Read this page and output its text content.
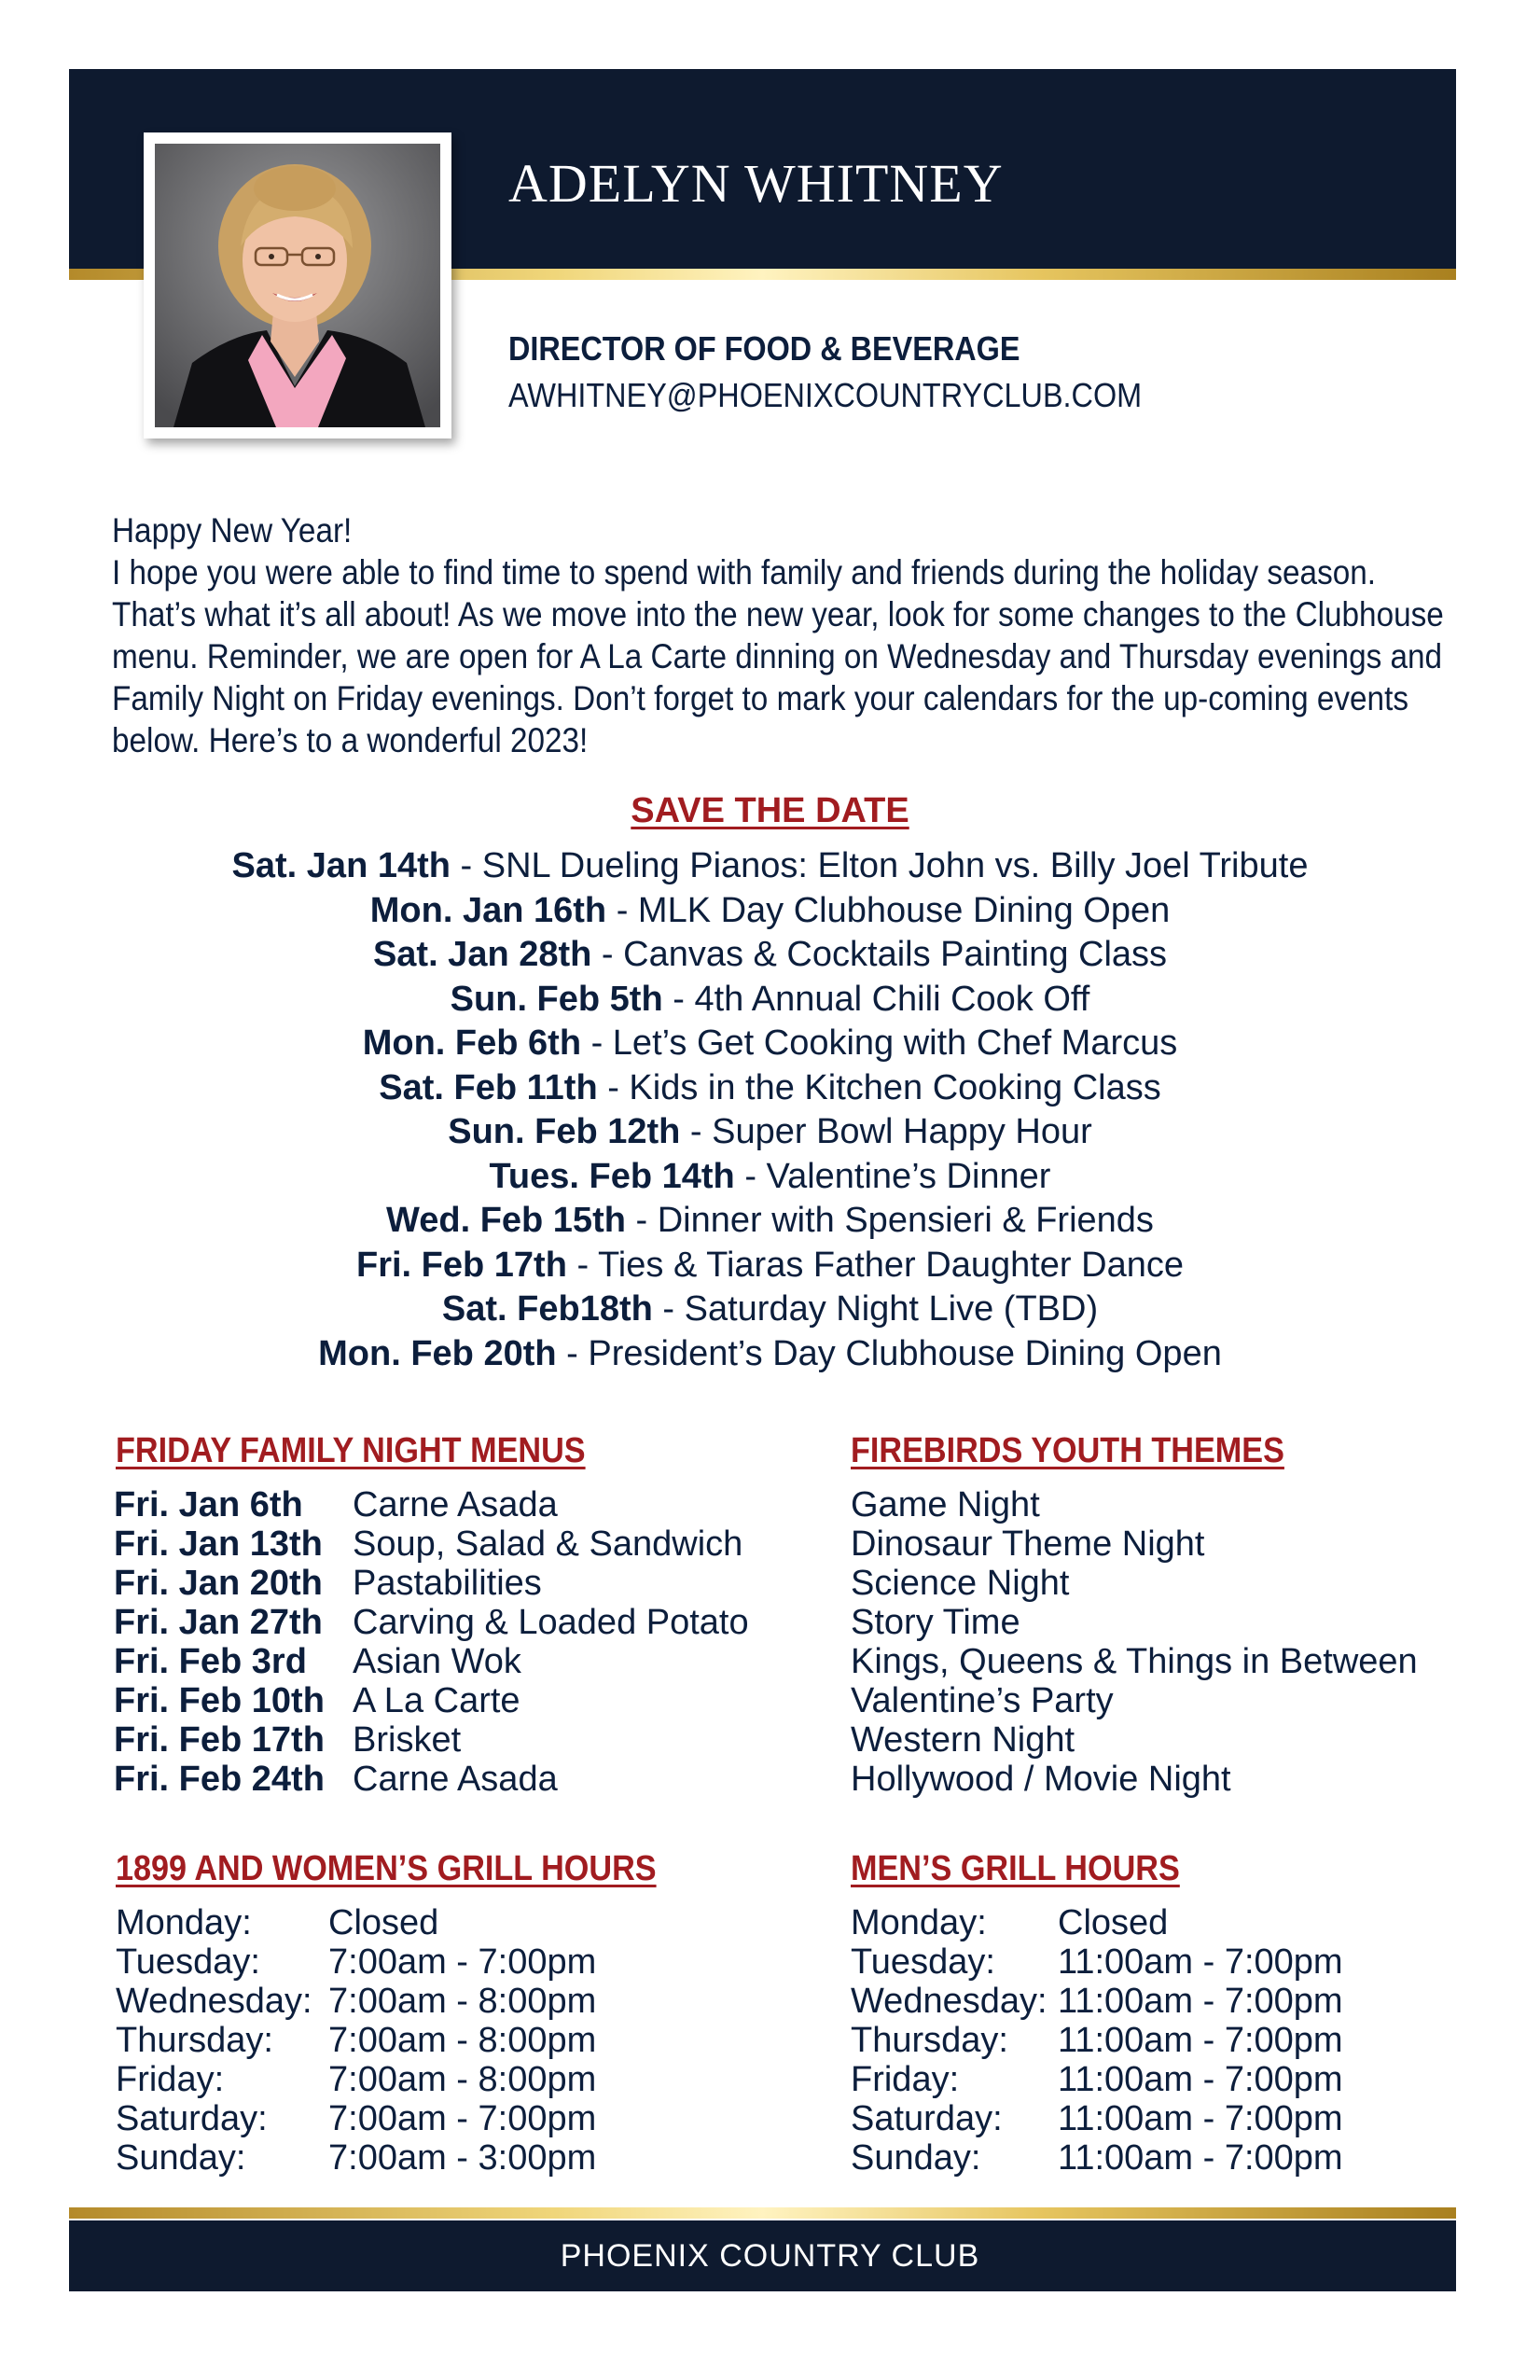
ADELYN WHITNEY
DIRECTOR OF FOOD & BEVERAGE
AWHITNEY@PHOENIXCOUNTRYCLUB.COM

Happy New Year!

I hope you were able to find time to spend with family and friends during the holiday season. That’s what it’s all about! As we move into the new year, look for some changes to the Clubhouse menu. Reminder, we are open for A La Carte dinning on Wednesday and Thursday evenings and Family Night on Friday evenings. Don’t forget to mark your calendars for the up-coming events below. Here’s to a wonderful 2023!

SAVE THE DATE
Sat. Jan 14th - SNL Dueling Pianos: Elton John vs. Billy Joel Tribute
Mon. Jan 16th - MLK Day Clubhouse Dining Open
Sat. Jan 28th - Canvas & Cocktails Painting Class
Sun. Feb 5th - 4th Annual Chili Cook Off
Mon. Feb 6th - Let’s Get Cooking with Chef Marcus
Sat. Feb 11th - Kids in the Kitchen Cooking Class
Sun. Feb 12th - Super Bowl Happy Hour
Tues. Feb 14th - Valentine’s Dinner
Wed. Feb 15th - Dinner with Spensieri & Friends
Fri. Feb 17th - Ties & Tiaras Father Daughter Dance
Sat. Feb18th - Saturday Night Live (TBD)
Mon. Feb 20th - President’s Day Clubhouse Dining Open
FRIDAY FAMILY NIGHT MENUS
Fri. Jan 6th Carne Asada
Fri. Jan 13th Soup, Salad & Sandwich
Fri. Jan 20th Pastabilities
Fri. Jan 27th Carving & Loaded Potato
Fri. Feb 3rd Asian Wok
Fri. Feb 10th A La Carte
Fri. Feb 17th Brisket
Fri. Feb 24th Carne Asada
FIREBIRDS YOUTH THEMES
Game Night
Dinosaur Theme Night
Science Night
Story Time
Kings, Queens & Things in Between
Valentine’s Party
Western Night
Hollywood / Movie Night
1899 AND WOMEN’S GRILL HOURS
Monday: Closed
Tuesday: 7:00am - 7:00pm
Wednesday: 7:00am - 8:00pm
Thursday: 7:00am - 8:00pm
Friday:	7:00am - 8:00pm
Saturday: 7:00am - 7:00pm
Sunday: 7:00am - 3:00pm
MEN’S GRILL HOURS
Monday: Closed
Tuesday: 11:00am - 7:00pm
Wednesday: 11:00am - 7:00pm
Thursday: 11:00am - 7:00pm
Friday:	11:00am - 7:00pm
Saturday: 11:00am - 7:00pm
Sunday: 11:00am - 7:00pm
PHOENIX COUNTRY CLUB
